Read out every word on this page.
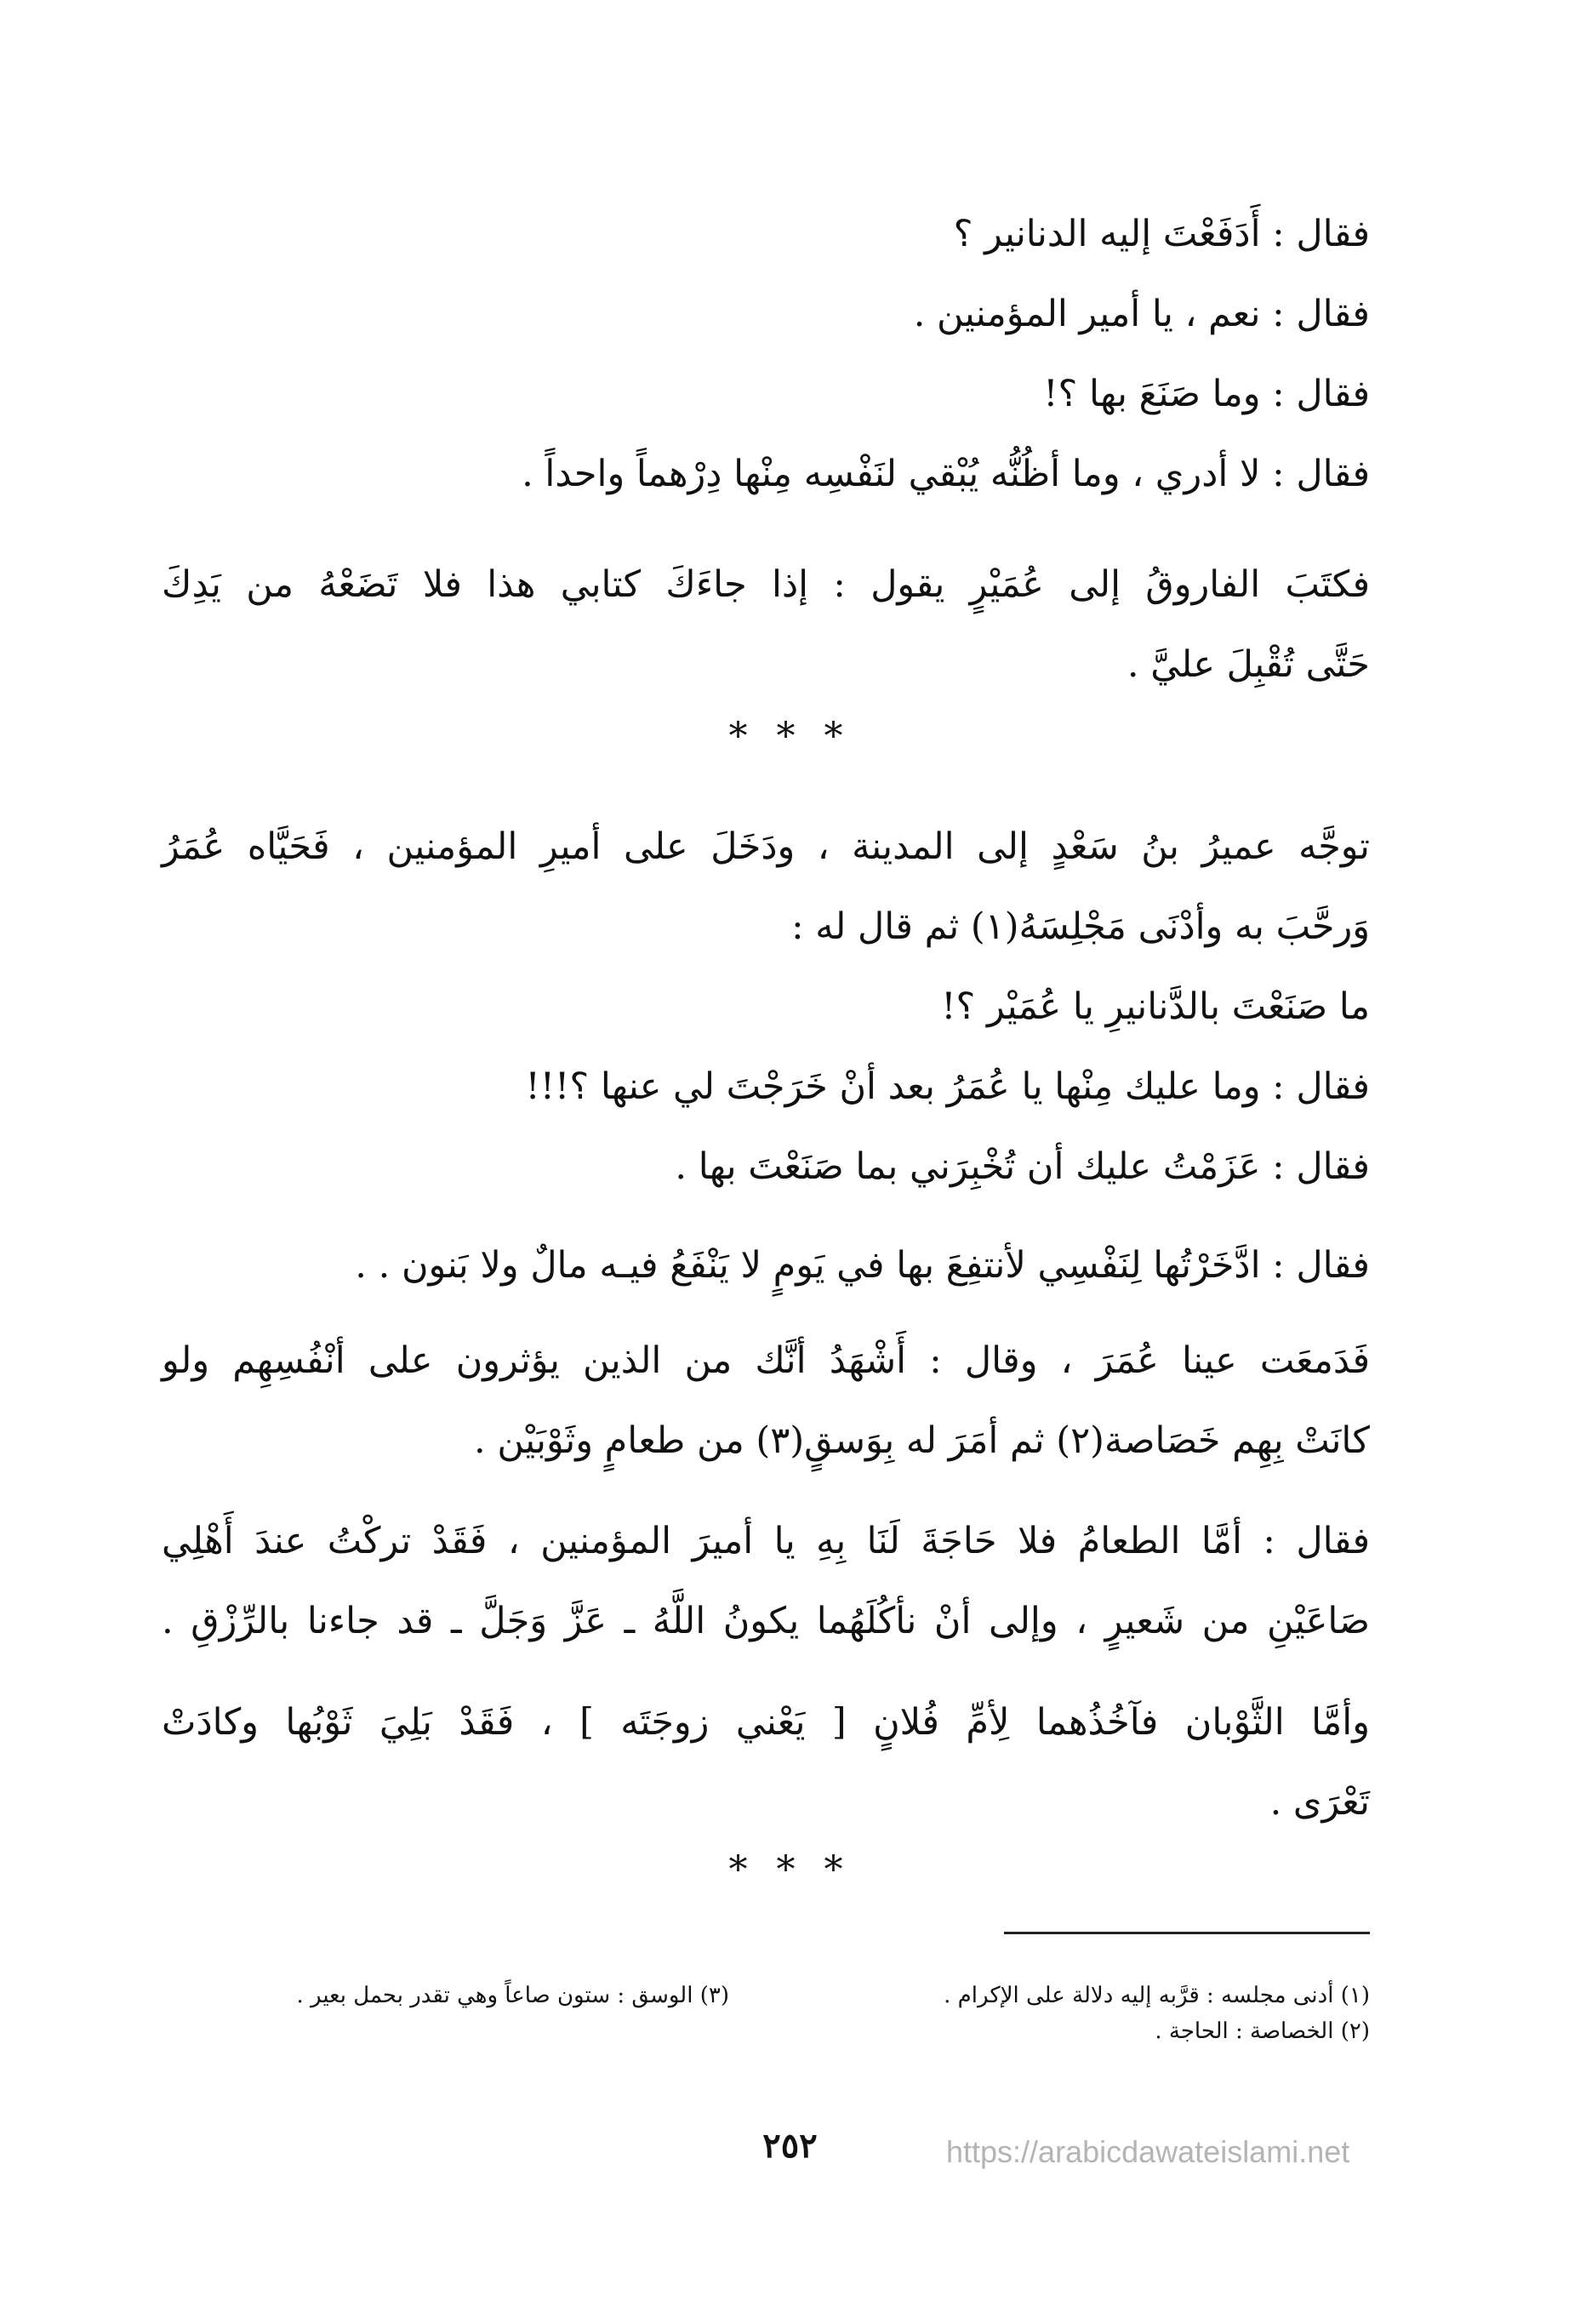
فقال : أَدَفَعْتَ إليه الدنانير ؟
فقال : نعم ، يا أمير المؤمنين .
فقال : وما صَنَعَ بها ؟!
فقال : لا أدري ، وما أظُنُّه يُبْقي لنَفْسِه مِنْها دِرْهماً واحداً .
فكتَبَ الفاروقُ إلى عُمَيْرٍ يقول : إذا جاءَكَ كتابي هذا فلا تَضَعْهُ من يَدِكَ
حَتَّى تُقْبِلَ عليَّ .
* * *
توجَّه عميرُ بنُ سَعْدٍ إلى المدينة ، ودَخَلَ على أميرِ المؤمنين ، فَحَيَّاه عُمَرُ
وَرحَّبَ به وأدْنَى مَجْلِسَهُ(١) ثم قال له :
ما صَنَعْتَ بالدَّنانيرِ يا عُمَيْر ؟!
فقال : وما عليك مِنْها يا عُمَرُ بعد أنْ خَرَجْتَ لي عنها ؟!!!
فقال : عَزَمْتُ عليك أن تُخْبِرَني بما صَنَعْتَ بها .
فقال : ادَّخَرْتُها لِنَفْسِي لأنتفِعَ بها في يَومٍ لا يَنْفَعُ فيـه مالٌ ولا بَنون . .
فَدَمعَت عينا عُمَرَ ، وقال : أَشْهَدُ أنَّك من الذين يؤثرون على أنْفُسِهِم ولو
كانَتْ بِهِم خَصَاصة(٢) ثم أمَرَ له بِوَسقٍ(٣) من طعامٍ وثَوْبَيْن .
فقال : أمَّا الطعامُ فلا حَاجَةَ لَنَا بِهِ يا أميرَ المؤمنين ، فَقَدْ تركْتُ عندَ أَهْلِي
صَاعَيْنِ من شَعيرٍ ، وإلى أنْ نأكُلَهُما يكونُ اللَّهُ ـ عَزَّ وَجَلَّ ـ قد جاءنا بالرِّزْقِ .
وأمَّا الثَّوْبان فآخُذُهما لِأمِّ فُلانٍ [ يَعْني زوجَتَه ] ، فَقَدْ بَلِيَ ثَوْبُها وكادَتْ
تَعْرَى .
* * *
(١) أدنى مجلسه : قرَّبه إليه دلالة على الإكرام .
(٢) الخصاصة : الحاجة .
(٣) الوسق : ستون صاعاً وهي تقدر بحمل بعير .
٢٥٢	https://arabicdawateislami.net
